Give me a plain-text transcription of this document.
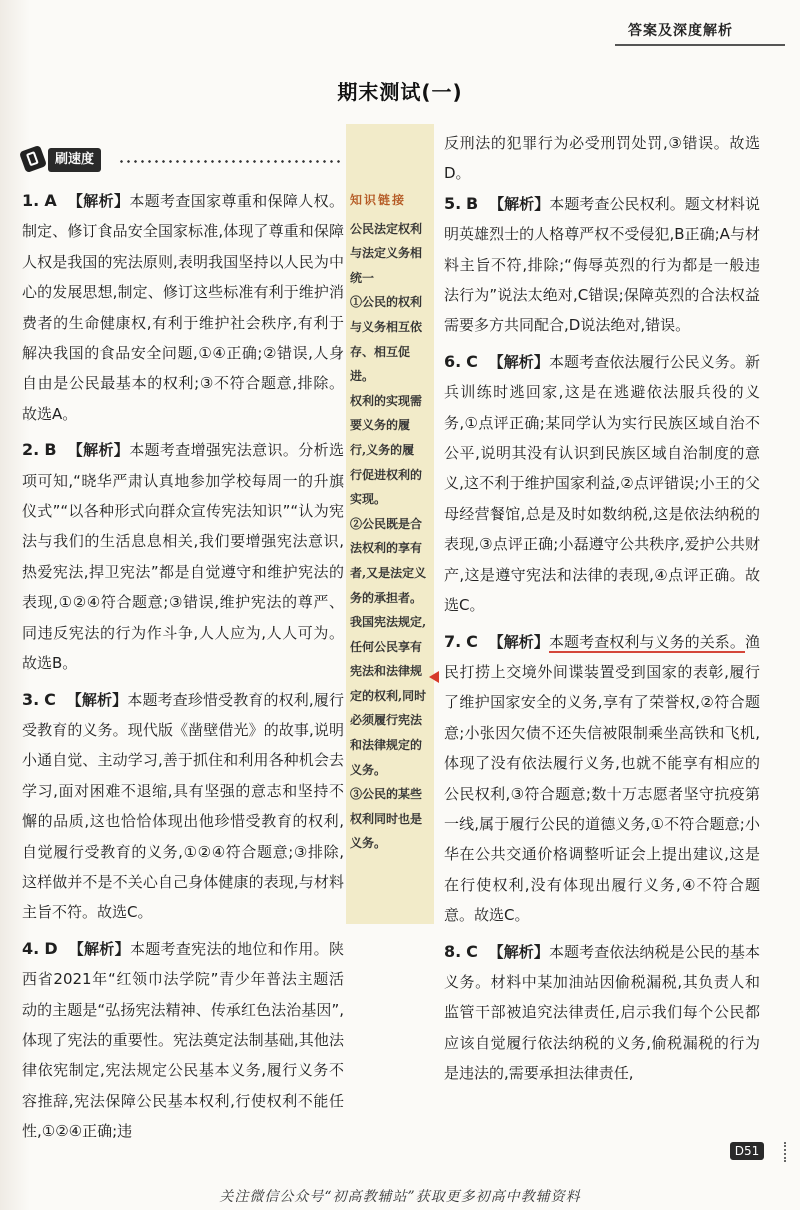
答案及深度解析
期末测试(一)
刷速度
1. A 【解析】本题考查国家尊重和保障人权。制定、修订食品安全国家标准,体现了尊重和保障人权是我国的宪法原则,表明我国坚持以人民为中心的发展思想,制定、修订这些标准有利于维护消费者的生命健康权,有利于维护社会秩序,有利于解决我国的食品安全问题,①④正确;②错误,人身自由是公民最基本的权利;③不符合题意,排除。故选A。
2. B 【解析】本题考查增强宪法意识。分析选项可知,“晓华严肃认真地参加学校每周一的升旗仪式”“以各种形式向群众宣传宪法知识”“认为宪法与我们的生活息息相关,我们要增强宪法意识,热爱宪法,捍卫宪法”都是自觉遵守和维护宪法的表现,①②④符合题意;③错误,维护宪法的尊严、同违反宪法的行为作斗争,人人应为,人人可为。故选B。
3. C 【解析】本题考查珍惜受教育的权利,履行受教育的义务。现代版《凿壁借光》的故事,说明小通自觉、主动学习,善于抓住和利用各种机会去学习,面对困难不退缩,具有坚强的意志和坚持不懈的品质,这也恰恰体现出他珍惜受教育的权利,自觉履行受教育的义务,①②④符合题意;③排除,这样做并不是不关心自己身体健康的表现,与材料主旨不符。故选C。
4. D 【解析】本题考查宪法的地位和作用。陕西省2021年“红领巾法学院”青少年普法主题活动的主题是“弘扬宪法精神、传承红色法治基因”,体现了宪法的重要性。宪法奠定法制基础,其他法律依宪制定,宪法规定公民基本义务,履行义务不容推辞,宪法保障公民基本权利,行使权利不能任性,①②④正确;违
知识链接

公民法定权利

与法定义务相

统一

①公民的权利

与义务相互依

存、相互促进。

权利的实现需

要义务的履

行,义务的履

行促进权利的

实现。

②公民既是合

法权利的享有

者,又是法定义

务的承担者。

我国宪法规定,

任何公民享有

宪法和法律规

定的权利,同时

必须履行宪法

和法律规定的

义务。

③公民的某些

权利同时也是

义务。

反刑法的犯罪行为必受刑罚处罚,③错误。故选D。

5. B 【解析】本题考查公民权利。题文材料说明英雄烈士的人格尊严权不受侵犯,B正确;A与材料主旨不符,排除;“侮辱英烈的行为都是一般违法行为”说法太绝对,C错误;保障英烈的合法权益需要多方共同配合,D说法绝对,错误。
6. C 【解析】本题考查依法履行公民义务。新兵训练时逃回家,这是在逃避依法服兵役的义务,①点评正确;某同学认为实行民族区域自治不公平,说明其没有认识到民族区域自治制度的意义,这不利于维护国家利益,②点评错误;小王的父母经营餐馆,总是及时如数纳税,这是依法纳税的表现,③点评正确;小磊遵守公共秩序,爱护公共财产,这是遵守宪法和法律的表现,④点评正确。故选C。
7. C 【解析】本题考查权利与义务的关系。渔民打捞上交境外间谍装置受到国家的表彰,履行了维护国家安全的义务,享有了荣誉权,②符合题意;小张因欠债不还失信被限制乘坐高铁和飞机,体现了没有依法履行义务,也就不能享有相应的公民权利,③符合题意;数十万志愿者坚守抗疫第一线,属于履行公民的道德义务,①不符合题意;小华在公共交通价格调整听证会上提出建议,这是在行使权利,没有体现出履行义务,④不符合题意。故选C。
8. C 【解析】本题考查依法纳税是公民的基本义务。材料中某加油站因偷税漏税,其负责人和监管干部被追究法律责任,启示我们每个公民都应该自觉履行依法纳税的义务,偷税漏税的行为是违法的,需要承担法律责任,
D51
关注微信公众号“初高教辅站”获取更多初高中教辅资料
